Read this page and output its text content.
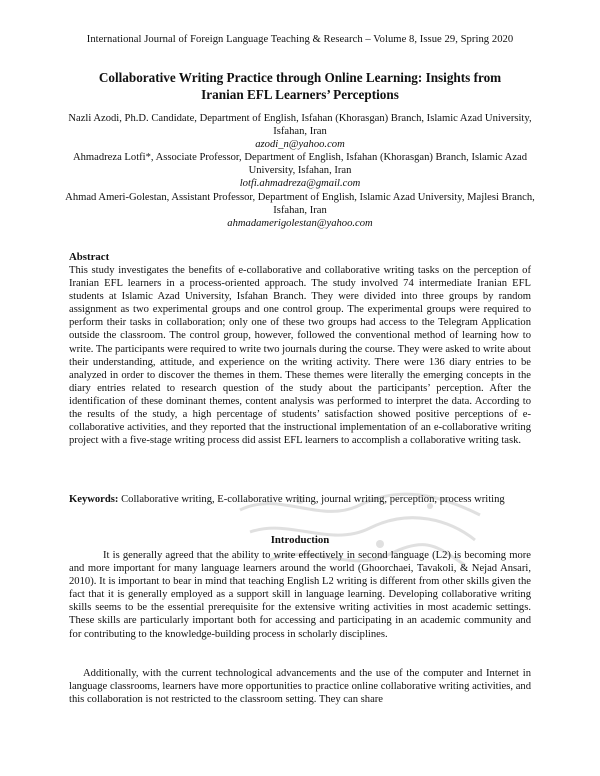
International Journal of Foreign Language Teaching & Research – Volume 8, Issue 29, Spring 2020
Collaborative Writing Practice through Online Learning: Insights from
Iranian EFL Learners’ Perceptions
Nazli Azodi, Ph.D. Candidate, Department of English, Isfahan (Khorasgan) Branch, Islamic Azad University, Isfahan, Iran
azodi_n@yahoo.com
Ahmadreza Lotfi*, Associate Professor, Department of English, Isfahan (Khorasgan) Branch, Islamic Azad University, Isfahan, Iran
lotfi.ahmadreza@gmail.com
Ahmad Ameri-Golestan, Assistant Professor, Department of English, Islamic Azad University, Majlesi Branch, Isfahan, Iran
ahmadamerigolestan@yahoo.com
Abstract

This study investigates the benefits of e-collaborative and collaborative writing tasks on the perception of Iranian EFL learners in a process-oriented approach. The study involved 74 intermediate Iranian EFL students at Islamic Azad University, Isfahan Branch. They were divided into three groups by random assignment as two experimental groups and one control group. The experimental groups were required to perform their tasks in collaboration; only one of these two groups had access to the Telegram Application outside the classroom. The control group, however, followed the conventional method of learning how to write. The participants were required to write two journals during the course. They were asked to write about their understanding, attitude, and experience on the writing activity. There were 136 diary entries to be analyzed in order to discover the themes in them. These themes were literally the emerging concepts in the diary entries related to research question of the study about the participants’ perception. After the identification of these dominant themes, content analysis was performed to interpret the data. According to the results of the study, a high percentage of students’ satisfaction showed positive perceptions of e-collaborative activities, and they reported that the instructional implementation of an e-collaborative writing project with a five-stage writing process did assist EFL learners to accomplish a collaborative writing task.

Keywords: Collaborative writing, E-collaborative writing, journal writing, perception, process writing

Introduction

It is generally agreed that the ability to write effectively in second language (L2) is becoming more and more important for many language learners around the world (Ghoorchaei, Tavakoli, & Nejad Ansari, 2010). It is important to bear in mind that teaching English L2 writing is different from other skills given the fact that it is generally employed as a support skill in language learning. Developing collaborative writing skills seems to be the essential prerequisite for the extensive writing activities in most academic settings. These skills are particularly important both for accessing and participating in an academic community and for contributing to the knowledge-building process in scholarly disciplines.

Additionally, with the current technological advancements and the use of the computer and Internet in language classrooms, learners have more opportunities to practice online collaborative writing activities, and this collaboration is not restricted to the classroom setting. They can share
